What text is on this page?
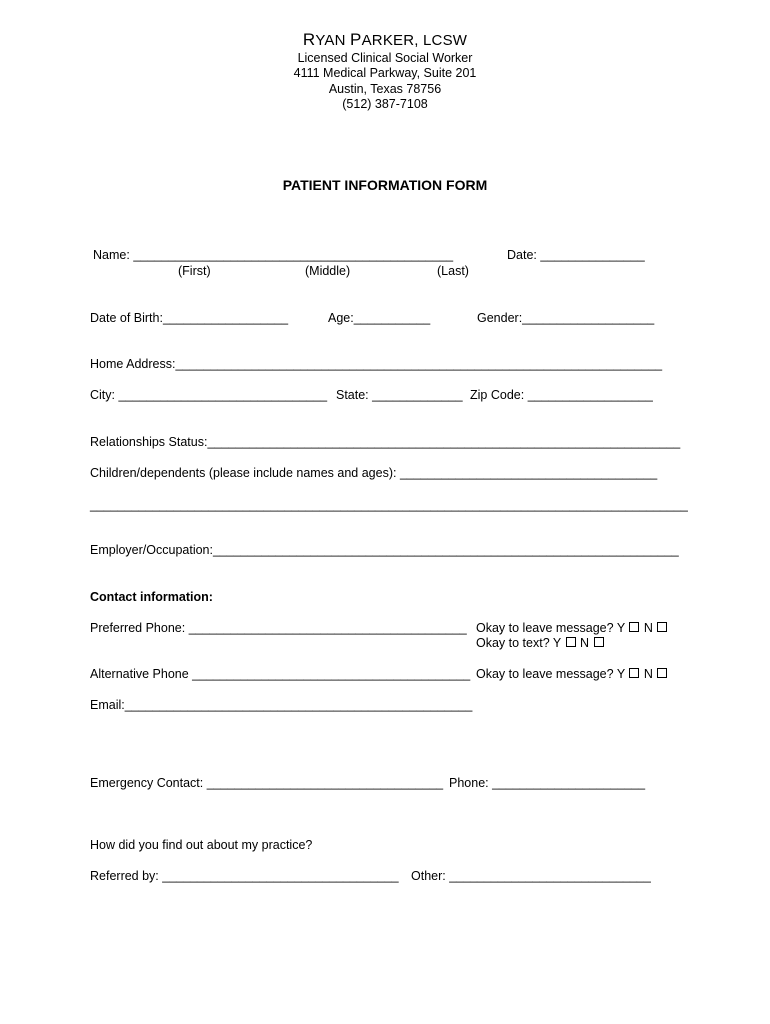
RYAN PARKER, LCSW
Licensed Clinical Social Worker
4111 Medical Parkway, Suite 201
Austin, Texas 78756
(512) 387-7108
PATIENT INFORMATION FORM
Name: ______________________________________________	Date: _______________
(First)	(Middle)	(Last)
Date of Birth:__________________	Age:___________	Gender:___________________
Home Address:______________________________________________________________________
City: ______________________________ State: _____________ Zip Code: __________________
Relationships Status:____________________________________________________________________
Children/dependents (please include names and ages): _____________________________________
______________________________________________________________________________________
Employer/Occupation:___________________________________________________________________
Contact information:
Preferred Phone: ________________________________________ Okay to leave message? Y N
Okay to text? Y N
Alternative Phone ________________________________________ Okay to leave message? Y N
Email:__________________________________________________
Emergency Contact: __________________________________ Phone: ______________________
How did you find out about my practice?
Referred by: __________________________________ Other: _____________________________
